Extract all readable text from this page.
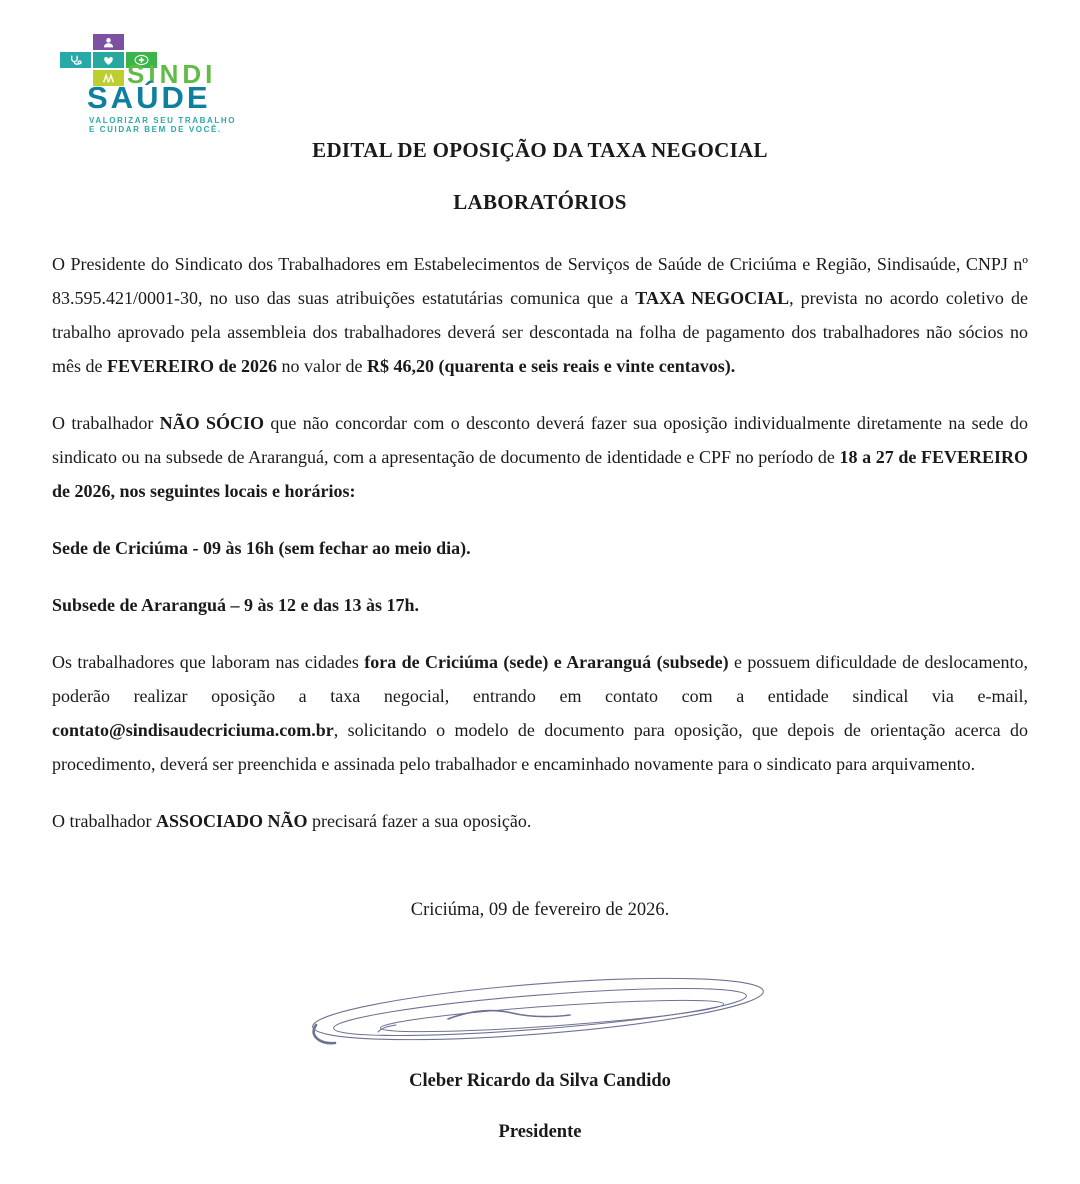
SINDI
SAÚDE
VALORIZAR SEU TRABALHO
E CUIDAR BEM DE VOCÊ.
EDITAL DE OPOSIÇÃO DA TAXA NEGOCIAL
LABORATÓRIOS

O Presidente do Sindicato dos Trabalhadores em Estabelecimentos de Serviços de Saúde de Criciúma e Região, Sindisaúde, CNPJ nº 83.595.421/0001-30, no uso das suas atribuições estatutárias comunica que a TAXA NEGOCIAL, prevista no acordo coletivo de trabalho aprovado pela assembleia dos trabalhadores deverá ser descontada na folha de pagamento dos trabalhadores não sócios no mês de FEVEREIRO de 2026 no valor de R$ 46,20 (quarenta e seis reais e vinte centavos).

O trabalhador NÃO SÓCIO que não concordar com o desconto deverá fazer sua oposição individualmente diretamente na sede do sindicato ou na subsede de Araranguá, com a apresentação de documento de identidade e CPF no período de 18 a 27 de FEVEREIRO de 2026, nos seguintes locais e horários:

Sede de Criciúma - 09 às 16h (sem fechar ao meio dia).

Subsede de Araranguá – 9 às 12 e das 13 às 17h.

Os trabalhadores que laboram nas cidades fora de Criciúma (sede) e Araranguá (subsede) e possuem dificuldade de deslocamento, poderão realizar oposição a taxa negocial, entrando em contato com a entidade sindical via e-mail, contato@sindisaudecriciuma.com.br, solicitando o modelo de documento para oposição, que depois de orientação acerca do procedimento, deverá ser preenchida e assinada pelo trabalhador e encaminhado novamente para o sindicato para arquivamento.

O trabalhador ASSOCIADO NÃO precisará fazer a sua oposição.

Criciúma, 09 de fevereiro de 2026.
Cleber Ricardo da Silva Candido
Presidente
